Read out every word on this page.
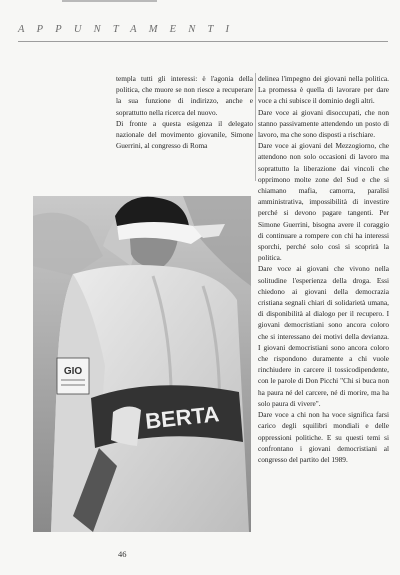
APPUNTAMENTI

templa tutti gli interessi: è l'agonia della politica, che muore se non riesce a recuperare la sua funzione di indirizzo, anche e soprattutto nella ricerca del nuovo.

Di fronte a questa esigenza il delegato nazionale del movimento giovanile, Simone Guerrini, al congresso di Roma

delinea l'impegno dei giovani nella politica. La promessa è quella di lavorare per dare voce a chi subisce il dominio degli altri.

Dare voce ai giovani disoccupati, che non stanno passivamente attendendo un posto di lavoro, ma che sono disposti a rischiare.

Dare voce ai giovani del Mezzogiorno, che attendono non solo occasioni di lavoro ma soprattutto la liberazione dai vincoli che opprimono molte zone del Sud e che si chiamano mafia, camorra, paralisi amministrativa, impossibilità di investire perché si devono pagare tangenti. Per Simone Guerrini, bisogna avere il coraggio di continuare a rompere con chi ha interessi sporchi, perché solo così si scoprirà la politica.

Dare voce ai giovani che vivono nella solitudine l'esperienza della droga. Essi chiedono ai giovani della democrazia cristiana segnali chiari di solidarietà umana, di disponibilità al dialogo per il recupero. I giovani democristiani sono ancora coloro che si interessano dei motivi della devianza. I giovani democristiani sono ancora coloro che rispondono duramente a chi vuole rinchiudere in carcere il tossicodipendente, con le parole di Don Picchi "Chi si buca non ha paura né del carcere, né di morire, ma ha solo paura di vivere".

Dare voce a chi non ha voce significa farsi carico degli squilibri mondiali e delle oppressioni politiche. E su questi temi si confrontano i giovani democristiani al congresso del partito del 1989.

GIO
BERTA
46
